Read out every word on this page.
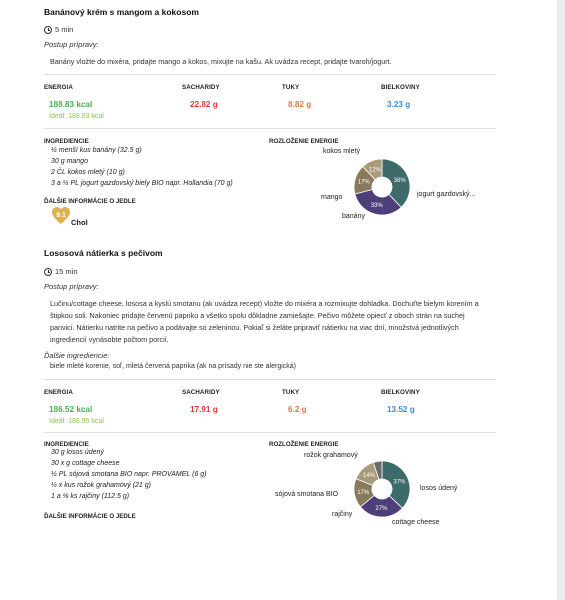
Banánový krém s mangom a kokosom
5 min
Postup prípravy:
Banány vložte do mixéra, pridajte mango a kokos, mixujte na kašu. Ak uvádza recept, pridajte tvaroh/jogurt.
ENERGIA	SACHARIDY	TUKY	BIELKOVINY
188.83 kcal	22.82 g	8.82 g	3.23 g
Ideál: 188.83 kcal
INGREDIENCIE
½ menší kus banány (32.5 g)
30 g mango
2 ČL kokos mletý (10 g)
3 a ⅓ PL jogurt gazdovský biely BIO napr. Hollandia (70 g)
ROZLOŽENIE ENERGIE
38%
33%
17%
12%
kokos mletý
jogurt gazdovský...
banány
mango
ĎALŠIE INFORMÁCIE O JEDLE
9.1
Chol
Lososová nátierka s pečivom
15 min
Postup prípravy:
Lučinu/cottage cheese, lososa a kyslú smotanu (ak uvádza recept) vložte do mixéra a rozmixujte dohladka. Dochuťte bielym korením a štipkou soli. Nakoniec pridajte červenú papriku a všetko spolu dôkladne zamiešajte. Pečivo môžete opiecť z oboch strán na suchej panvici. Nátierku natrite na pečivo a podávajte so zeleninou. Pokiaľ si želáte pripraviť nátierku na viac dní, množstvá jednotlivých ingrediencií vynásobte počtom porcií.
Ďalšie ingrediencie:
biele mleté korenie, soľ, mletá červená paprika (ak na prísady nie ste alergická)
ENERGIA	SACHARIDY	TUKY	BIELKOVINY
186.52 kcal	17.91 g	6.2 g	13.52 g
Ideál: 186.95 kcal
INGREDIENCIE
30 g losos údený
30 x g cottage cheese
½ PL sójová smotana BIO napr. PROVAMEL (6 g)
½ x kus rožok grahamový (21 g)
1 a ⅛ ks rajčiny (112.5 g)
ROZLOŽENIE ENERGIE
37%
27%
17%
14%
rožok grahamový
losos údený
cottage cheese
rajčiny
sójová smotana BIO
ĎALŠIE INFORMÁCIE O JEDLE
